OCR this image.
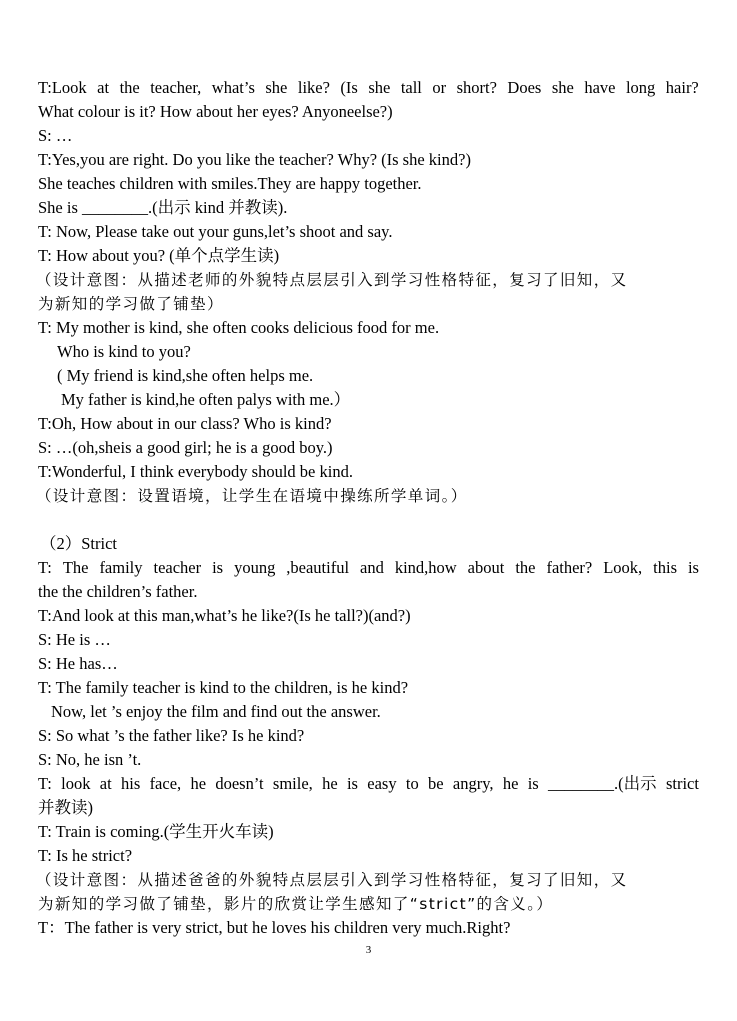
T:Look at the teacher, what’s she like? (Is she tall or short? Does she have long hair?
What colour is it? How about her eyes? Anyoneelse?)
S: …
T:Yes,you are right. Do you like the teacher? Why? (Is she kind?)
She teaches children with smiles.They are happy together.
She is ________.(出示 kind 并教读).
T: Now, Please take out your guns,let’s shoot and say.
T: How about you? (单个点学生读)
（设计意图：从描述老师的外貌特点层层引入到学习性格特征，复习了旧知，又
为新知的学习做了铺垫）
T: My mother is kind, she often cooks delicious food for me.
Who is kind to you?
( My friend is kind,she often helps me.
My father is kind,he often palys with me.）
T:Oh, How about in our class? Who is kind?
S: …(oh,sheis a good girl; he is a good boy.)
T:Wonderful, I think everybody should be kind.
（设计意图：设置语境，让学生在语境中操练所学单词。）
（2）Strict
T: The family teacher is young ,beautiful and kind,how about the father? Look, this is
the the children’s father.
T:And look at this man,what’s he like?(Is he tall?)(and?)
S: He is …
S: He has…
T: The family teacher is kind to the children, is he kind?
Now, let ’s enjoy the film and find out the answer.
S: So what ’s the father like? Is he kind?
S: No, he isn ’t.
T: look at his face, he doesn’t smile, he is easy to be angry, he is ________.(出示 strict
并教读)
T: Train is coming.(学生开火车读)
T: Is he strict?
（设计意图：从描述爸爸的外貌特点层层引入到学习性格特征，复习了旧知，又
为新知的学习做了铺垫，影片的欣赏让学生感知了“strict”的含义。）
T：The father is very strict, but he loves his children very much.Right?
3
